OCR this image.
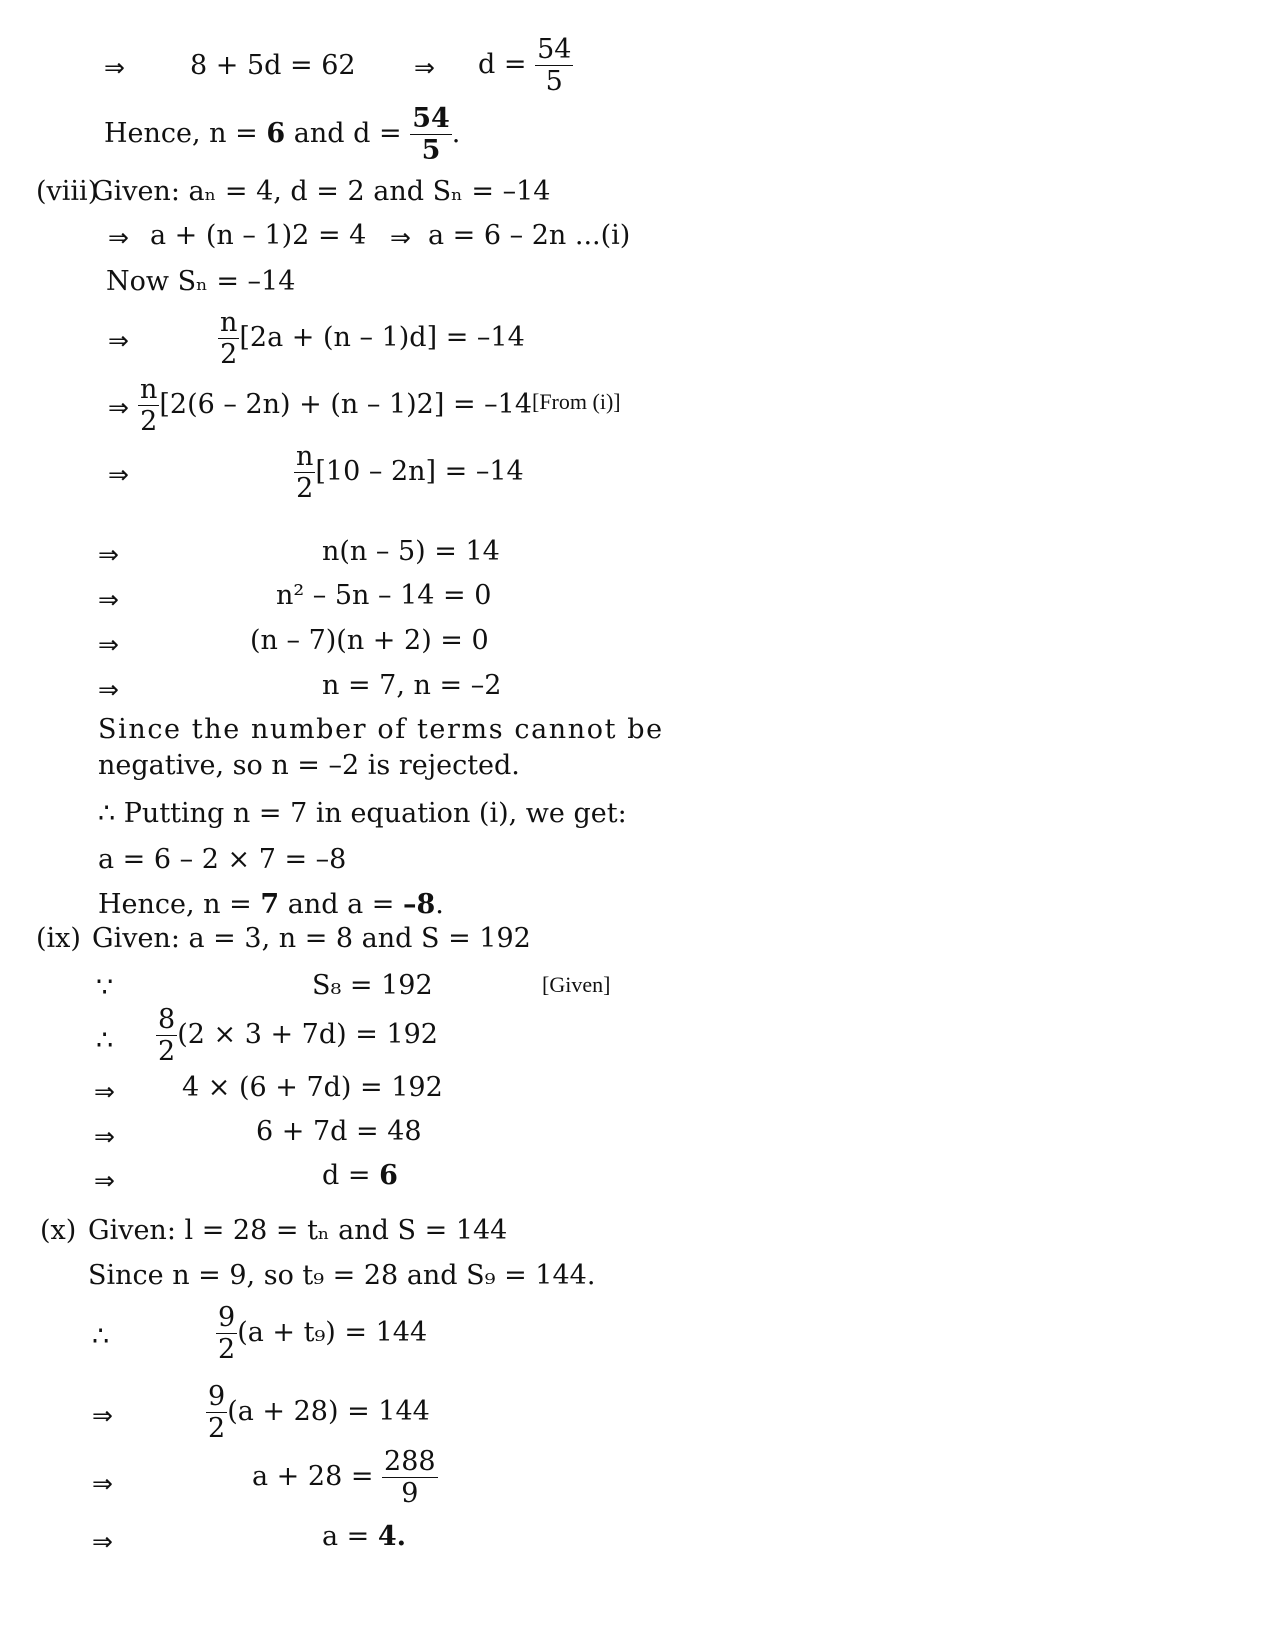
⇒ 8 + 5d = 62 ⇒ $d = \frac{54}{5}$
Hence, n = 6 and $d = \frac{54}{5}$ .
(viii)
Given: aₙ = 4, d = 2 and Sₙ = –14
⇒ a + (n – 1)2 = 4 ⇒ a = 6 – 2n ...(i)
Now Sₙ = –14
⇒	$\frac{n}{2} [2a + (n - 1)d] = -14$
⇒ $\frac{n}{2} [2(6 - 2n) + (n - 1)2] = -14$ [From (i)]
⇒	$\frac{n}{2} [10 - 2n] = -14$
⇒	n(n – 5) = 14
⇒	n² – 5n – 14 = 0
⇒	(n – 7)(n + 2) = 0
⇒	n = 7, n = –2
Since the number of terms cannot be
negative, so n = –2 is rejected.
∴ Putting n = 7 in equation (i), we get:
a = 6 – 2 × 7 = –8
Hence, n = 7 and a = –8.
(ix) Given: a = 3, n = 8 and S = 192
∵	S₈ = 192	[Given]
∴ $\frac{8}{2} (2 \times 3 + 7d) = 192$
⇒ 4 × (6 + 7d) = 192
⇒	6 + 7d = 48
⇒	d = 6
(x) Given: l = 28 = tₙ and S = 144
Since n = 9, so t₉ = 28 and S₉ = 144.
∴	$\frac{9}{2} (a + t_9) = 144$
⇒	$\frac{9}{2} (a + 28) = 144$
⇒	$a + 28 = \frac{288}{9}$
⇒	a = 4.
